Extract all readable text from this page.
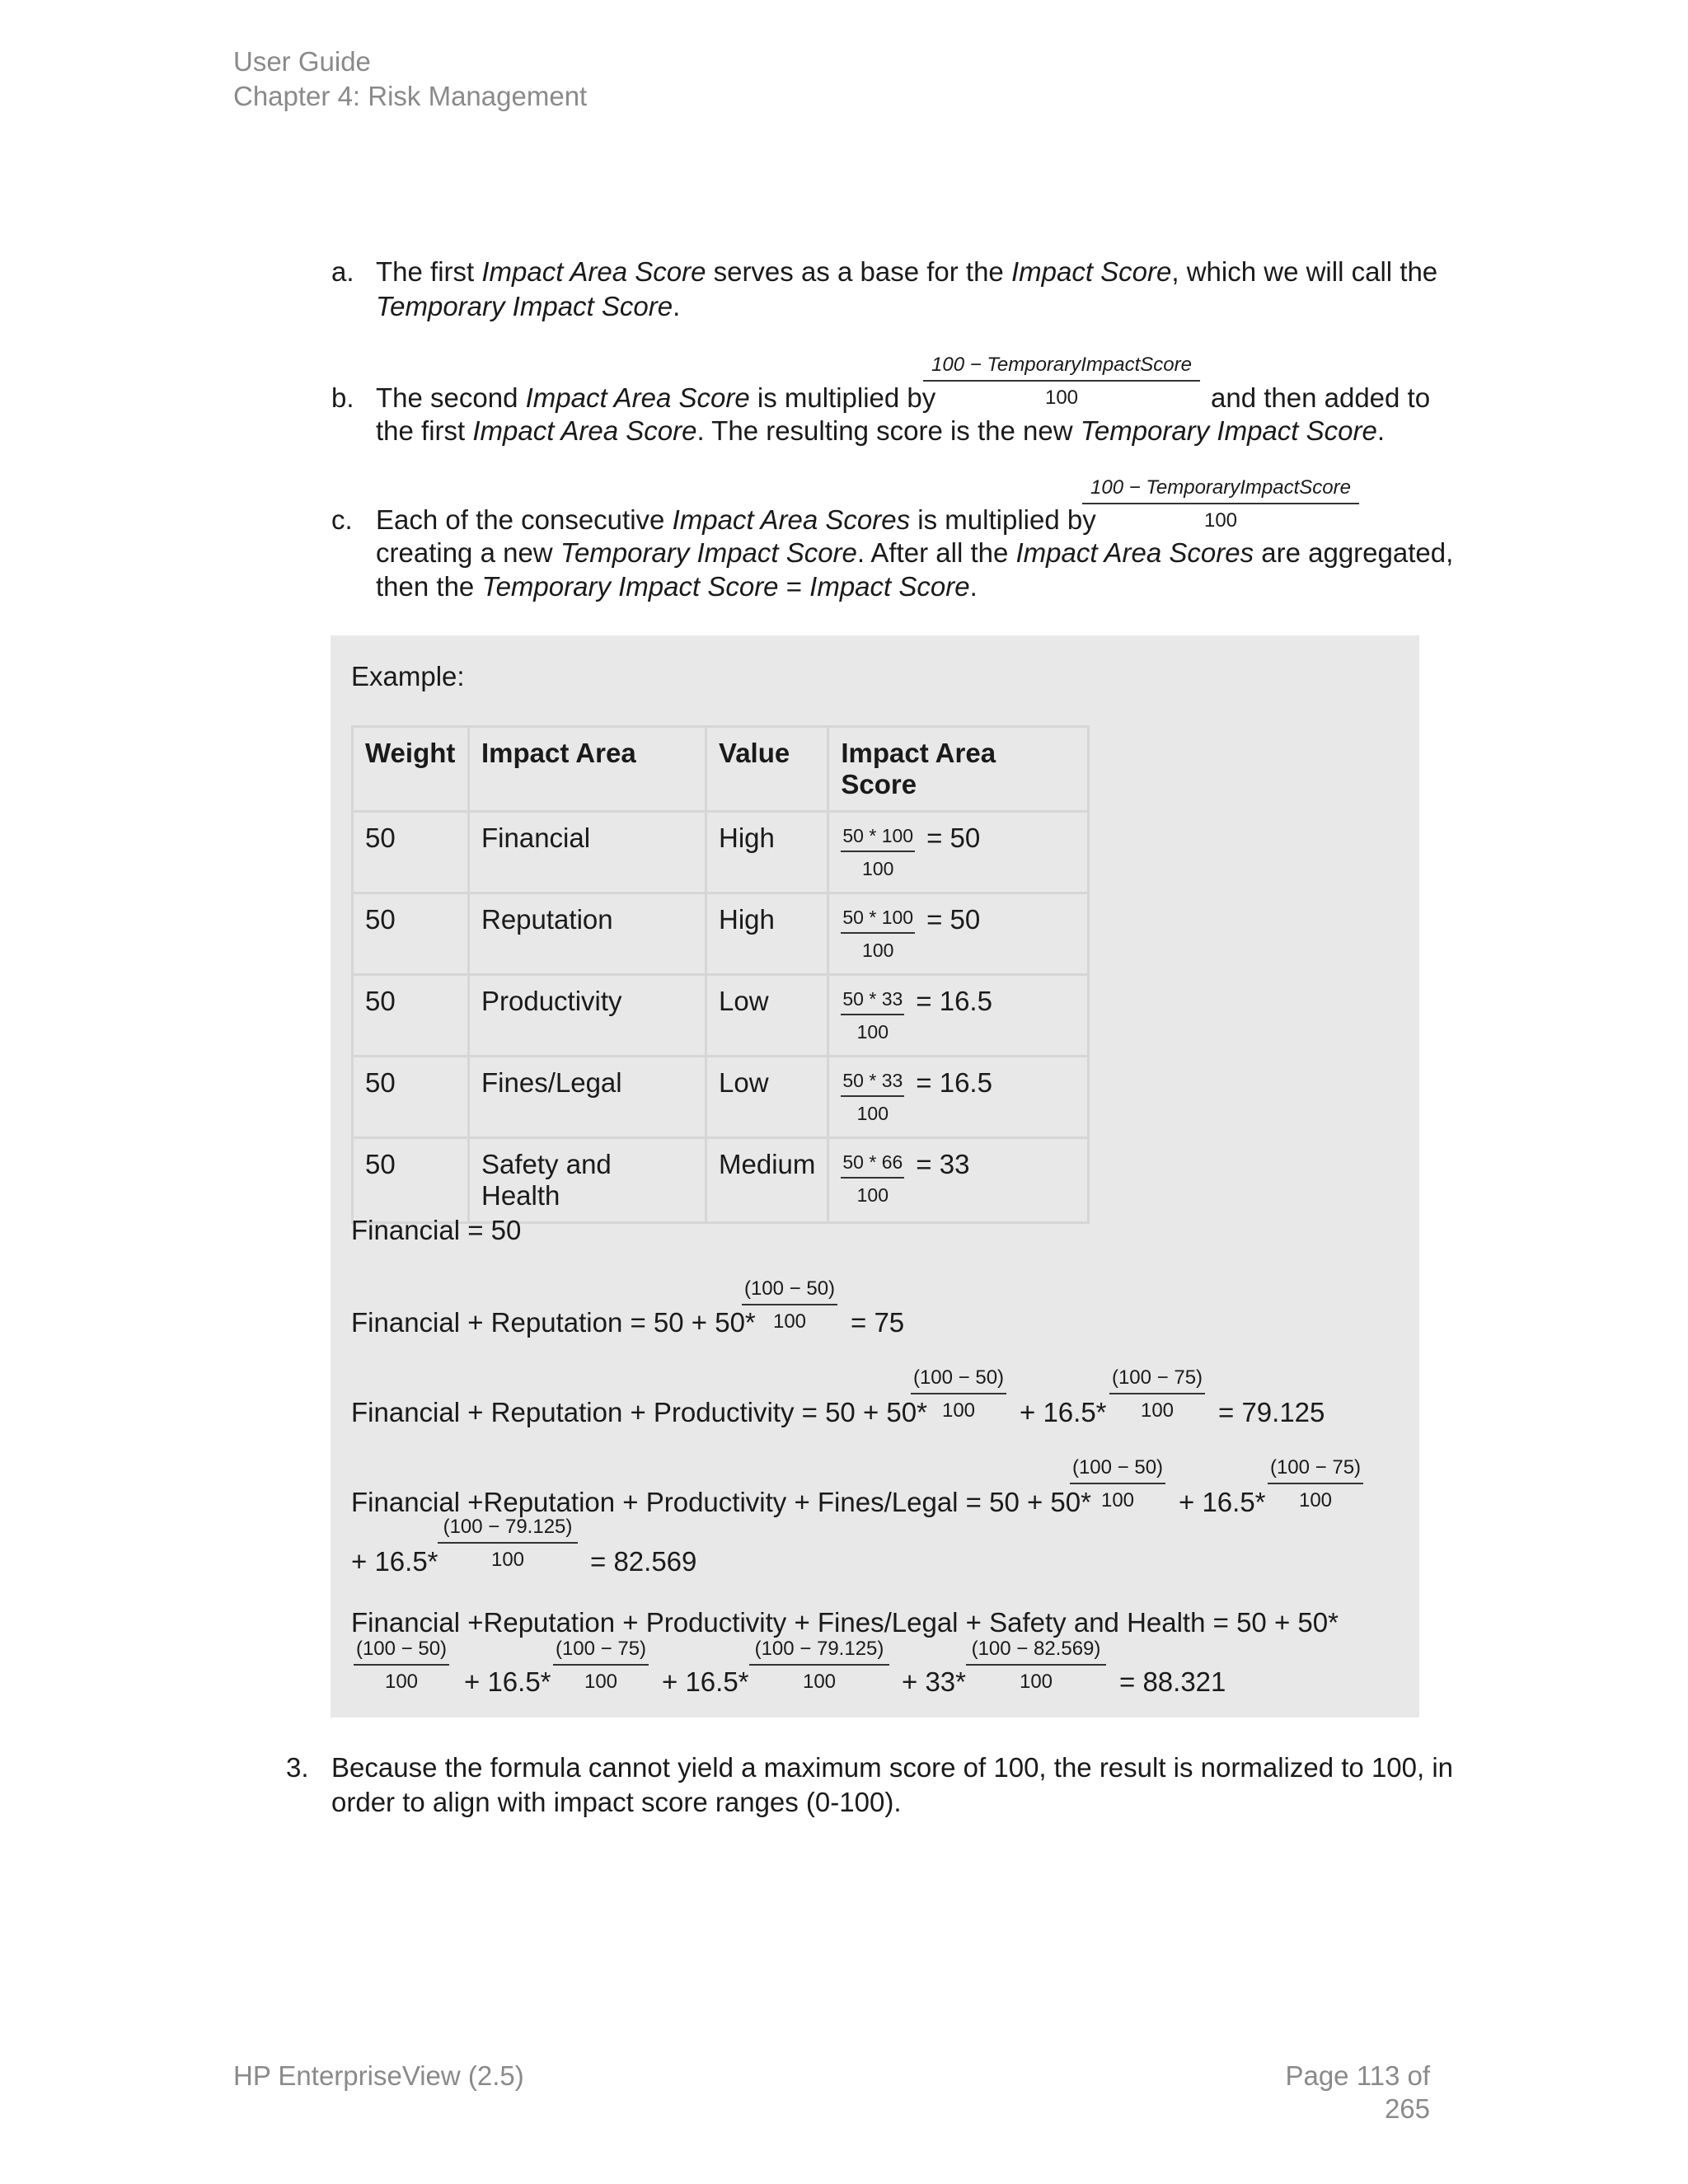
User Guide
Chapter 4: Risk Management
a. The first Impact Area Score serves as a base for the Impact Score, which we will call the
Temporary Impact Score.
b. The second Impact Area Score is multiplied by
100 − TemporaryImpactScore
100	and then added to
the first Impact Area Score. The resulting score is the new Temporary Impact Score.
c. Each of the consecutive Impact Area Scores is multiplied by
100 − TemporaryImpactScore
100
creating a new Temporary Impact Score. After all the Impact Area Scores are aggregated,
then the Temporary Impact Score = Impact Score.
Example:
Weight	Impact Area	Value	Impact Area Score
50	Financial	High	$\frac{50 * 100}{100} = 50$
50	Reputation	High	$\frac{50 * 100}{100} = 50$
50	Productivity	Low	$\frac{50 * 33}{100} = 16.5$
50	Fines/Legal	Low	$\frac{50 * 33}{100} = 16.5$
50	Safety and Health	Medium	$\frac{50 * 66}{100} = 33$
Financial = 50
Financial + Reputation = 50 + 50*
$\frac{(100 - 50)}{100} = 75$
Financial + Reputation + Productivity = 50 + 50*
$\frac{(100 - 50)}{100} + 16.5* \frac{(100 - 75)}{100} = 79.125$
Financial +Reputation + Productivity + Fines/Legal = 50 + 50*
$\frac{(100 - 50)}{100} + 16.5* \frac{(100 - 75)}{100}$
+ $16.5* \frac{(100 - 79.125)}{100} = 82.569$
Financial +Reputation + Productivity + Fines/Legal + Safety and Health = 50 + 50*
$\frac{(100 - 50)}{100} + 16.5* \frac{(100 - 75)}{100} + 16.5* \frac{(100 - 79.125)}{100} + 33* \frac{(100 - 82.569)}{100} = 88.321$
3. Because the formula cannot yield a maximum score of 100, the result is normalized to 100, in
order to align with impact score ranges (0-100).
HP EnterpriseView (2.5)	Page 113 of 265
